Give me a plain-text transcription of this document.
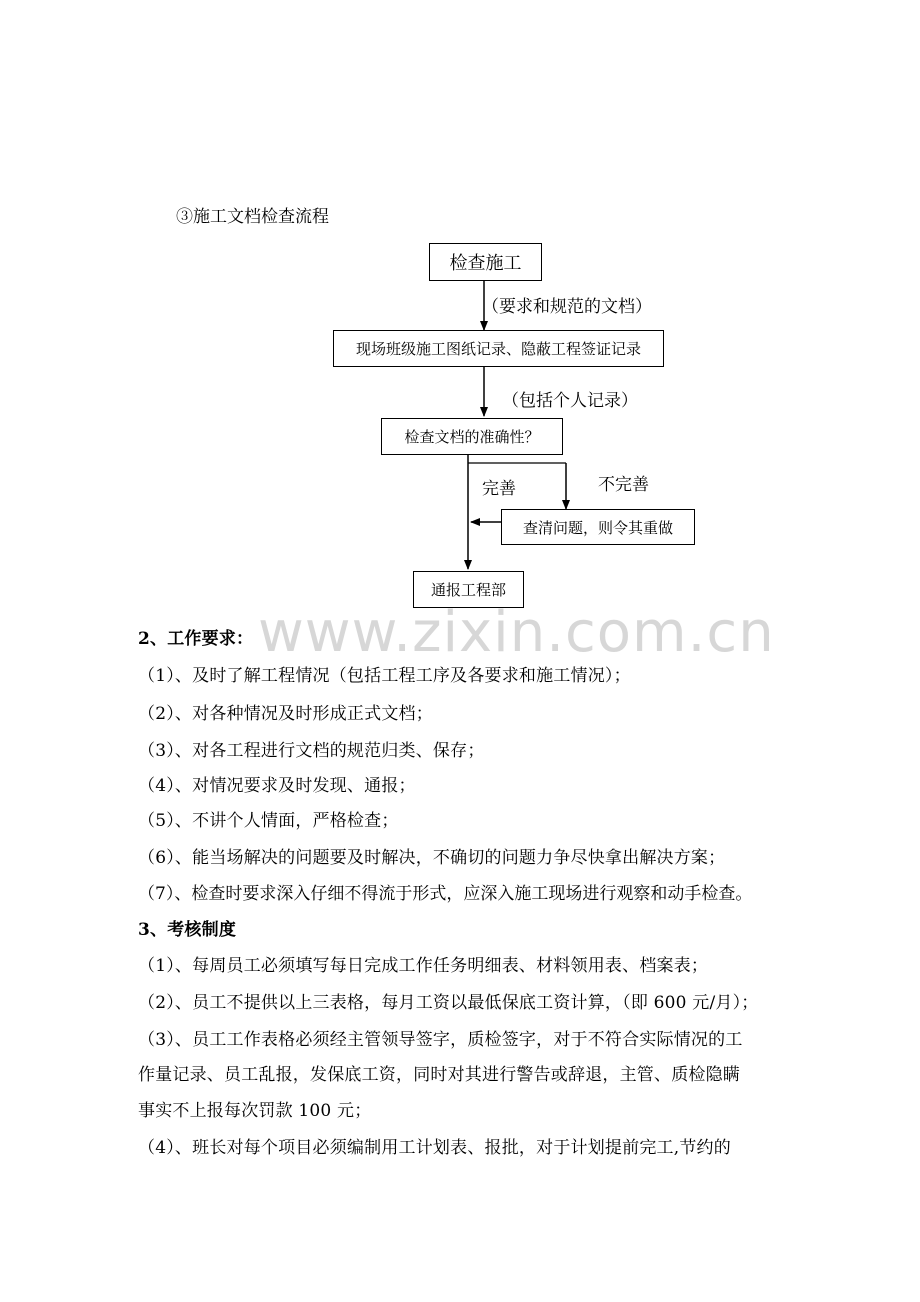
③施工文档检查流程
检查施工
（要求和规范的文档）
现场班级施工图纸记录、隐蔽工程签证记录
（包括个人记录）
检查文档的准确性？
完善	不完善
查清问题，则令其重做
通报工程部
www.zixin.com.cn
2、工作要求：
（1）、及时了解工程情况（包括工程工序及各要求和施工情况）；
（2）、对各种情况及时形成正式文档；
（3）、对各工程进行文档的规范归类、保存；
（4）、对情况要求及时发现、通报；
（5）、不讲个人情面，严格检查；
（6）、能当场解决的问题要及时解决，不确切的问题力争尽快拿出解决方案；
（7）、检查时要求深入仔细不得流于形式，应深入施工现场进行观察和动手检查。
3、考核制度
（1）、每周员工必须填写每日完成工作任务明细表、材料领用表、档案表；
（2）、员工不提供以上三表格，每月工资以最低保底工资计算，（即 600 元/月）；
（3）、员工工作表格必须经主管领导签字，质检签字，对于不符合实际情况的工
作量记录、员工乱报，发保底工资，同时对其进行警告或辞退，主管、质检隐瞒
事实不上报每次罚款 100 元；
（4）、班长对每个项目必须编制用工计划表、报批，对于计划提前完工,节约的
